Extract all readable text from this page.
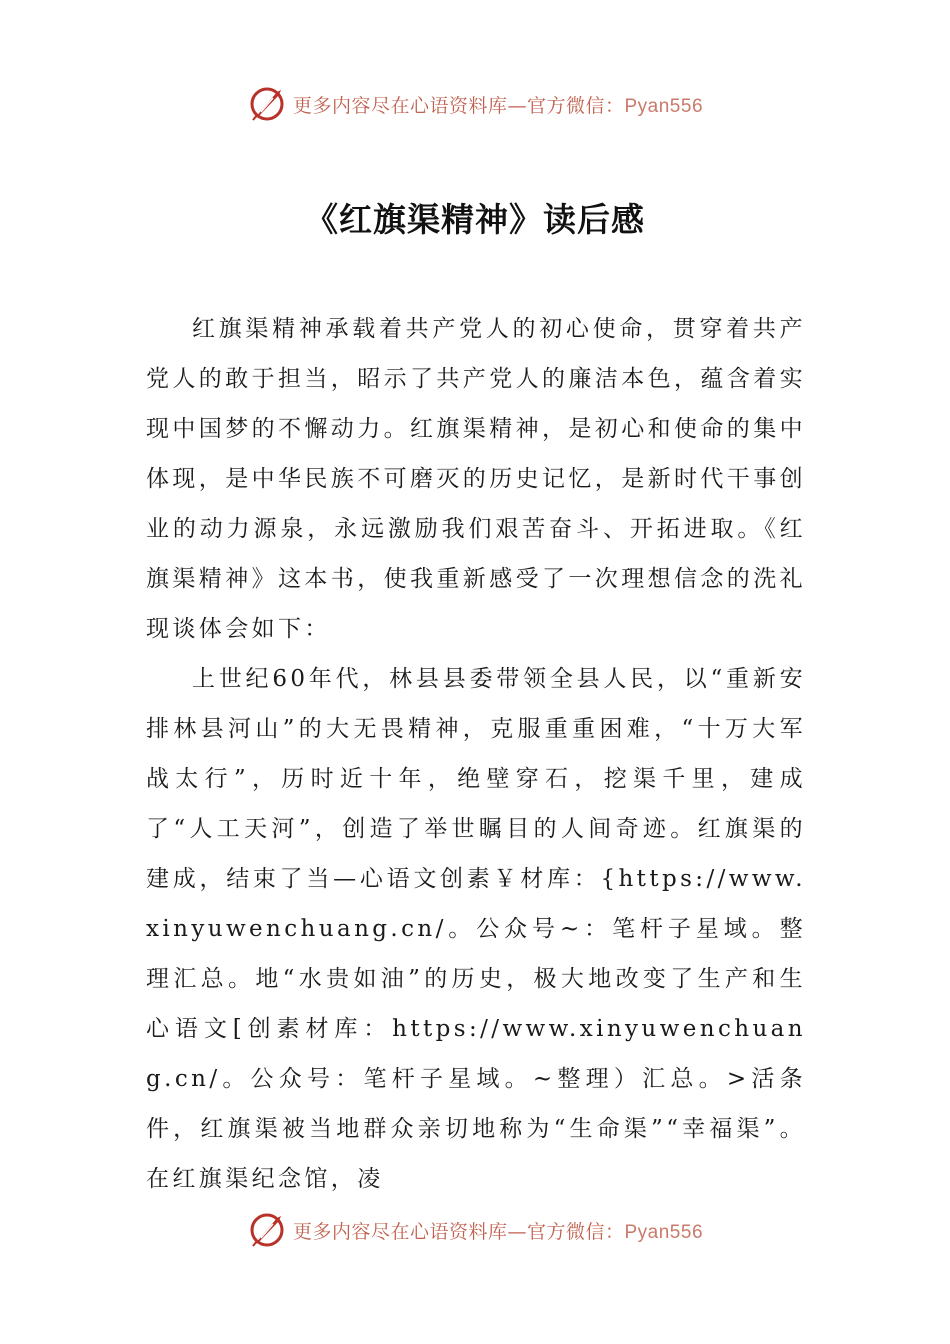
更多内容尽在心语资料库—官方微信：Pyan556
《红旗渠精神》读后感

红旗渠精神承载着共产党人的初心使命，贯穿着共产党人的敢于担当，昭示了共产党人的廉洁本色，蕴含着实现中国梦的不懈动力。红旗渠精神，是初心和使命的集中体现，是中华民族不可磨灭的历史记忆，是新时代干事创业的动力源泉，永远激励我们艰苦奋斗、开拓进取。《红旗渠精神》这本书，使我重新感受了一次理想信念的洗礼现谈体会如下：

上世纪60年代，林县县委带领全县人民，以“重新安排林县河山”的大无畏精神，克服重重困难，“十万大军战太行”，历时近十年，绝壁穿石，挖渠千里，建成了“人工天河”，创造了举世瞩目的人间奇迹。红旗渠的建成，结束了当—心语文创素￥材库：{https://www.xinyuwenchuang.cn/。公众号~：笔杆子星域。整理汇总。地“水贵如油”的历史，极大地改变了生产和生心语文[创素材库：https://www.xinyuwenchuang.cn/。公众号：笔杆子星域。~整理）汇总。>活条件，红旗渠被当地群众亲切地称为“生命渠”“幸福渠”。在红旗渠纪念馆，凌

更多内容尽在心语资料库—官方微信：Pyan556
